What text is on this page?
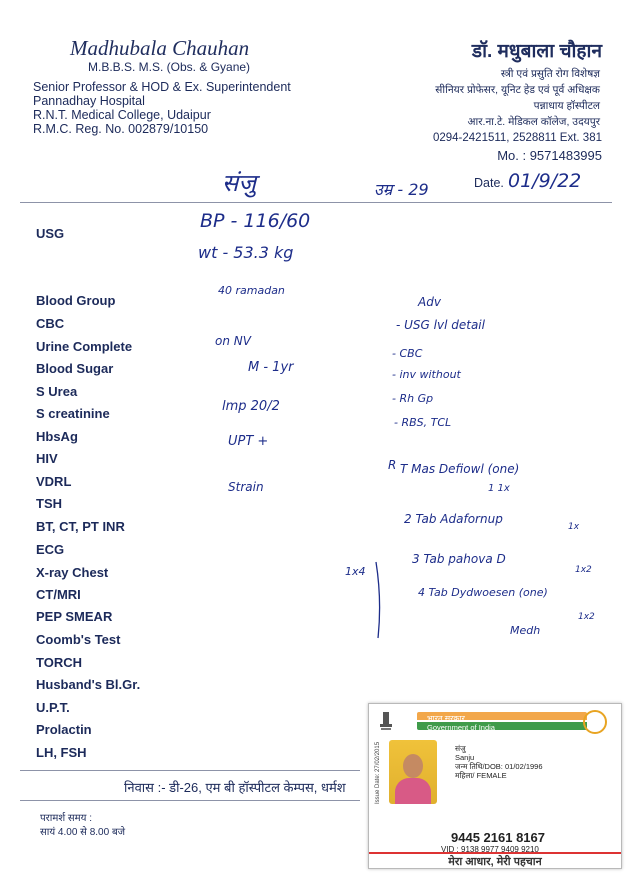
Madhubala Chauhan
M.B.B.S. M.S. (Obs. & Gyane)
Senior Professor & HOD & Ex. Superintendent
Pannadhay Hospital
R.N.T. Medical College, Udaipur
R.M.C. Reg. No. 002879/10150
डॉ. मधुबाला चौहान
स्त्री एवं प्रसुति रोग विशेषज्ञ
सीनियर प्रोफेसर, यूनिट हेड एवं पूर्व अधिक्षक
पन्नाधाय हॉस्पीटल
आर.ना.टे. मेडिकल कॉलेज, उदयपुर
0294-2421511, 2528811 Ext. 381
Mo. : 9571483995
संजु	उम्र - 29	Date. 01/9/22
USG
Blood Group
CBC
Urine Complete
Blood Sugar
S Urea
S creatinine
HbsAg
HIV
VDRL
TSH
BT, CT, PT INR
ECG
X-ray Chest
CT/MRI
PEP SMEAR
Coomb's Test
TORCH
Husband's Bl.Gr.
U.P.T.
Prolactin
LH, FSH
BP - 116/60
wt - 53.3 kg
40 ramadan
on NV
M - 1yr
lmp 20/2
UPT +
Strain
Adv
- USG lvl detail
- CBC
- inv without
- Rh Gp
- RBS, TCL
R T Mas Defiowl (one)
1 1x
2 Tab Adafornup
1x
3 Tab pahova D
1x2
4 Tab Dydwoesen (one)
1x2
Medh
1x4
निवास :- डी-26, एम बी हॉस्पीटल केम्पस, धर्मश
परामर्श समय :
सायं 4.00 से 8.00 बजे
भारत सरकार
Government of India
Issue Date: 27/02/2015	संजु
Sanju
जन्म तिथि/DOB: 01/02/1996
महिला/ FEMALE
9445 2161 8167
VID : 9138 9977 9409 9210
मेरा आधार, मेरी पहचान
